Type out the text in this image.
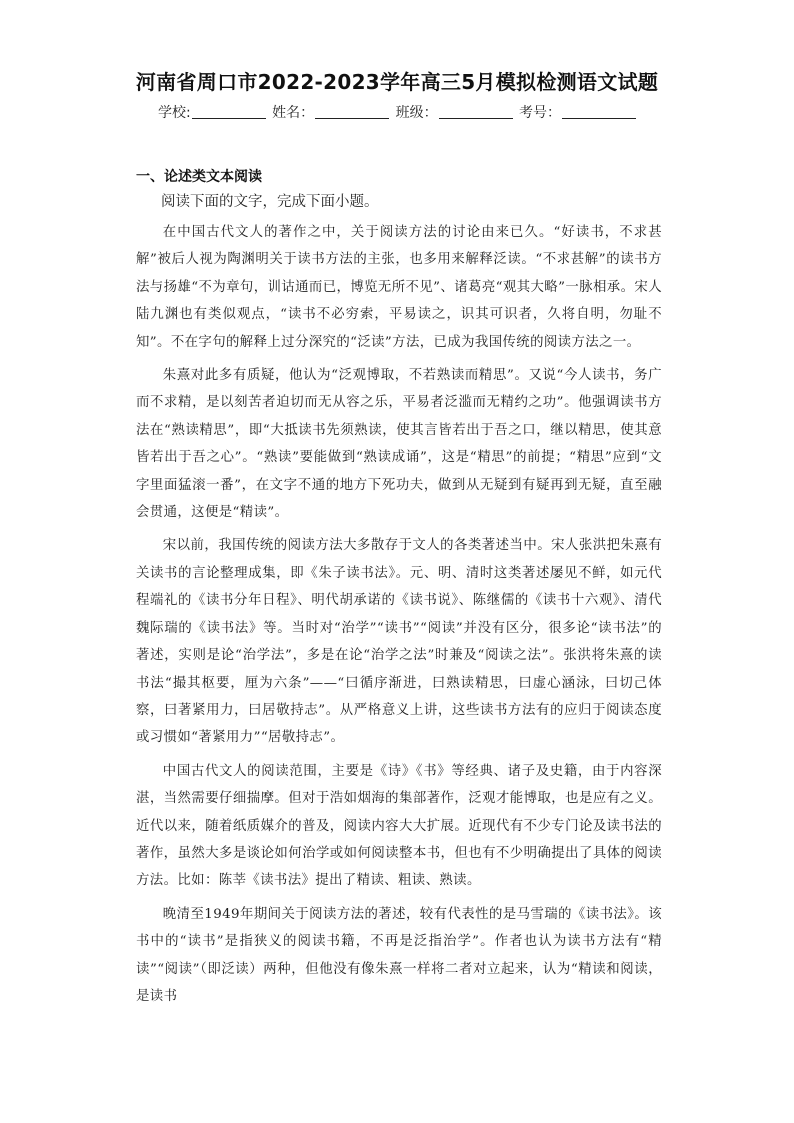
河南省周口市2022-2023学年高三5月模拟检测语文试题
学校:	姓名：	班级：	考号：
一、论述类文本阅读
阅读下面的文字，完成下面小题。

在中国古代文人的著作之中，关于阅读方法的讨论由来已久。“好读书，不求甚解”被后人视为陶渊明关于读书方法的主张，也多用来解释泛读。“不求甚解”的读书方法与扬雄“不为章句，训诂通而已，博览无所不见”、诸葛亮“观其大略”一脉相承。宋人陆九渊也有类似观点，“读书不必穷索，平易读之，识其可识者，久将自明，勿耻不知”。不在字句的解释上过分深究的“泛读”方法，已成为我国传统的阅读方法之一。

朱熹对此多有质疑，他认为“泛观博取，不若熟读而精思”。又说“今人读书，务广而不求精，是以刻苦者迫切而无从容之乐，平易者泛滥而无精约之功”。他强调读书方法在“熟读精思”，即“大抵读书先须熟读，使其言皆若出于吾之口，继以精思，使其意皆若出于吾之心”。“熟读”要能做到“熟读成诵”，这是“精思”的前提；“精思”应到“文字里面猛滚一番”，在文字不通的地方下死功夫，做到从无疑到有疑再到无疑，直至融会贯通，这便是“精读”。

宋以前，我国传统的阅读方法大多散存于文人的各类著述当中。宋人张洪把朱熹有关读书的言论整理成集，即《朱子读书法》。元、明、清时这类著述屡见不鲜，如元代程端礼的《读书分年日程》、明代胡承诺的《读书说》、陈继儒的《读书十六观》、清代魏际瑞的《读书法》等。当时对“治学”“读书”“阅读”并没有区分，很多论“读书法”的著述，实则是论“治学法”，多是在论“治学之法”时兼及“阅读之法”。张洪将朱熹的读书法“撮其枢要，厘为六条”——“曰循序渐进，曰熟读精思，曰虚心涵泳，曰切己体察，曰著紧用力，曰居敬持志”。从严格意义上讲，这些读书方法有的应归于阅读态度或习惯如“著紧用力”“居敬持志”。

中国古代文人的阅读范围，主要是《诗》《书》等经典、诸子及史籍，由于内容深湛，当然需要仔细揣摩。但对于浩如烟海的集部著作，泛观才能博取，也是应有之义。近代以来，随着纸质媒介的普及，阅读内容大大扩展。近现代有不少专门论及读书法的著作，虽然大多是谈论如何治学或如何阅读整本书，但也有不少明确提出了具体的阅读方法。比如：陈莘《读书法》提出了精读、粗读、熟读。

晚清至1949年期间关于阅读方法的著述，较有代表性的是马雪瑞的《读书法》。该书中的“读书”是指狭义的阅读书籍，不再是泛指治学”。作者也认为读书方法有“精读”“阅读”（即泛读）两种，但他没有像朱熹一样将二者对立起来，认为“精读和阅读，是读书
